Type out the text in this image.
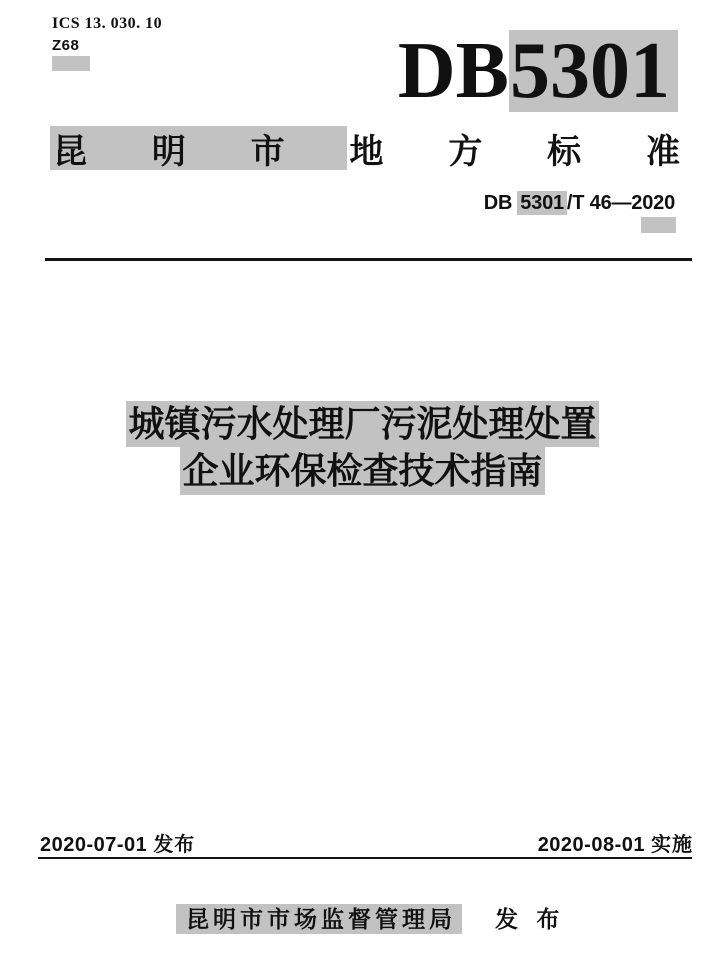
ICS 13. 030. 10
Z68	DB 5301
昆 明 市 地 方 标 准
DB 5301 /T 46—2020
城镇污水处理厂污泥处理处置
企业环保检查技术指南
2020-07-01 发布	2020-08-01 实施
昆明市市场监督管理局 发 布
